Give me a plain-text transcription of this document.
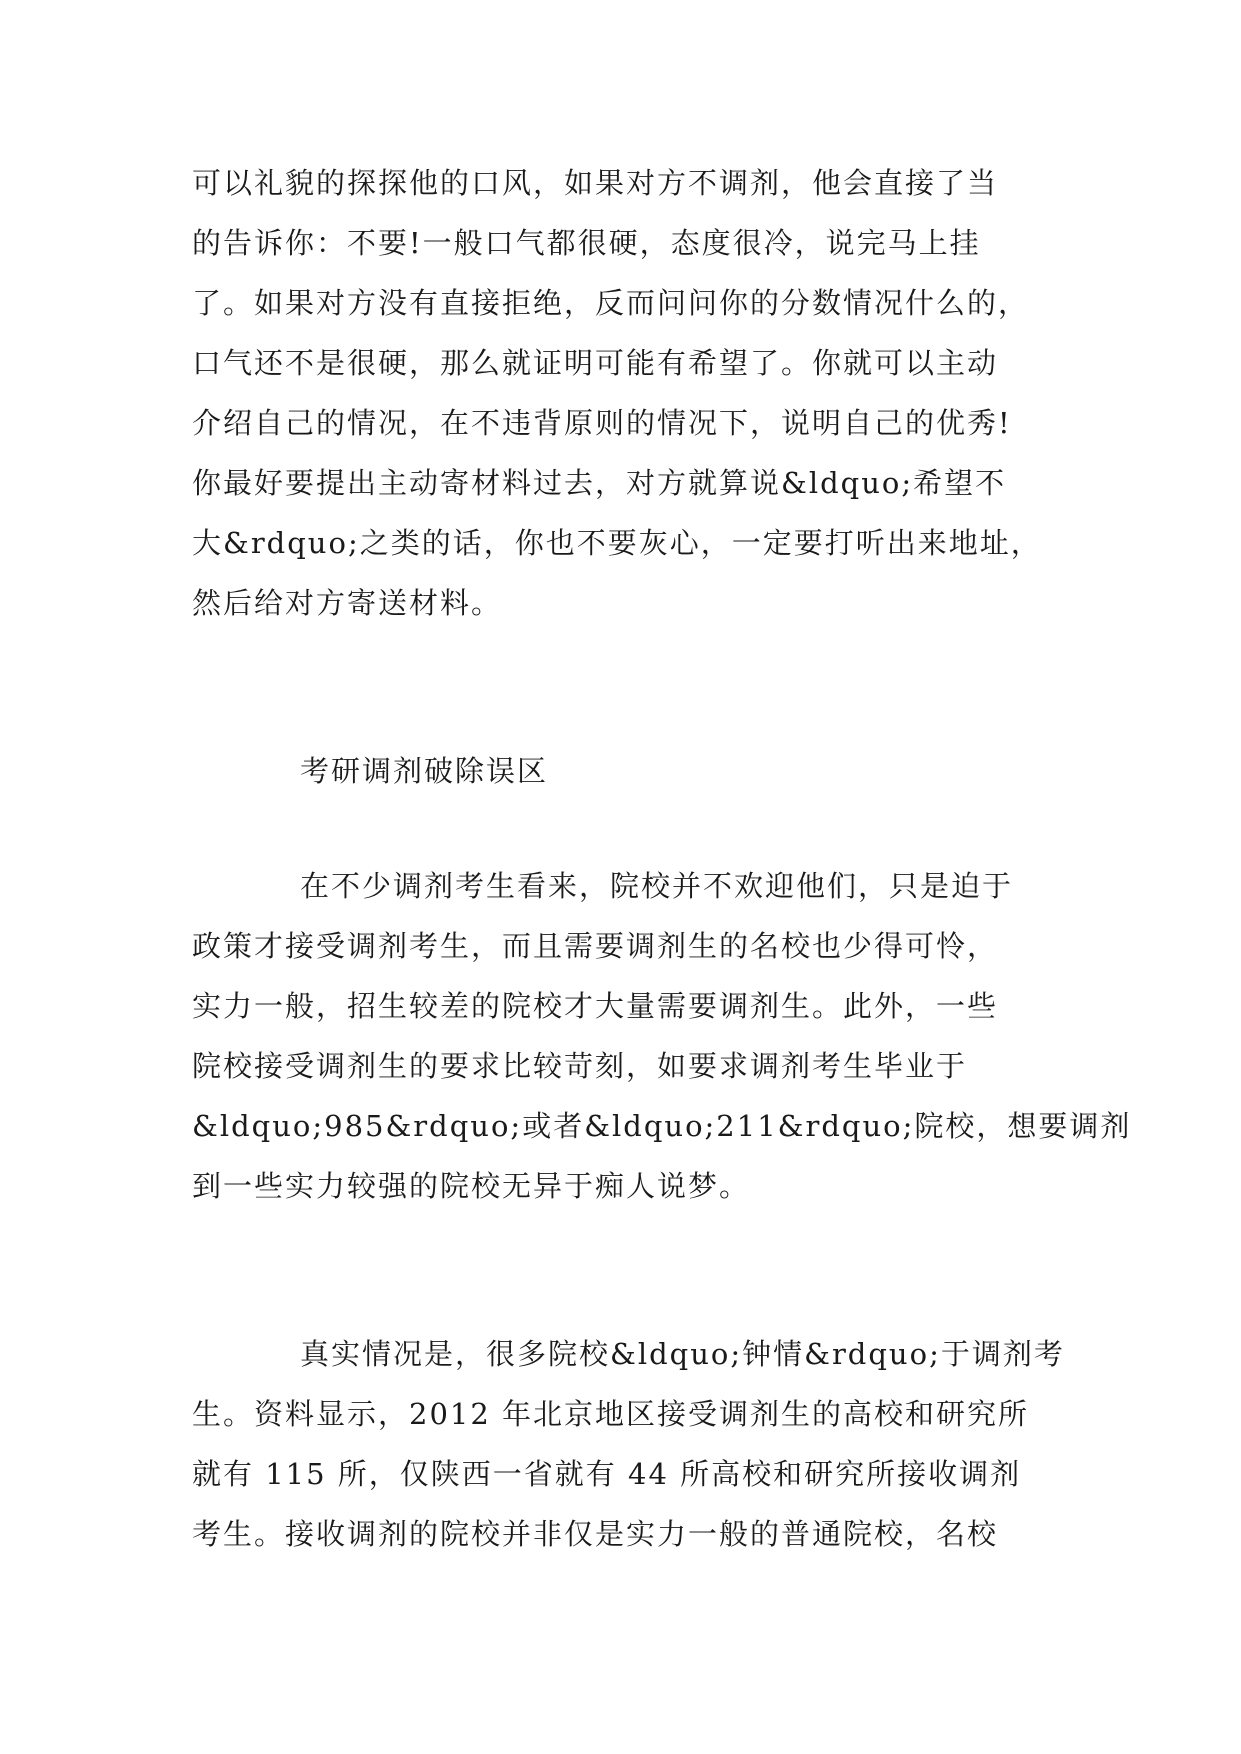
可以礼貌的探探他的口风，如果对方不调剂，他会直接了当
的告诉你：不要!一般口气都很硬，态度很冷，说完马上挂
了。如果对方没有直接拒绝，反而问问你的分数情况什么的，
口气还不是很硬，那么就证明可能有希望了。你就可以主动
介绍自己的情况，在不违背原则的情况下，说明自己的优秀!
你最好要提出主动寄材料过去，对方就算说&ldquo;希望不
大&rdquo;之类的话，你也不要灰心，一定要打听出来地址，
然后给对方寄送材料。
考研调剂破除误区
在不少调剂考生看来，院校并不欢迎他们，只是迫于
政策才接受调剂考生，而且需要调剂生的名校也少得可怜，
实力一般，招生较差的院校才大量需要调剂生。此外，一些
院校接受调剂生的要求比较苛刻，如要求调剂考生毕业于
&ldquo;985&rdquo;或者&ldquo;211&rdquo;院校，想要调剂
到一些实力较强的院校无异于痴人说梦。
真实情况是，很多院校&ldquo;钟情&rdquo;于调剂考
生。资料显示，2012 年北京地区接受调剂生的高校和研究所
就有 115 所，仅陕西一省就有 44 所高校和研究所接收调剂
考生。接收调剂的院校并非仅是实力一般的普通院校，名校
